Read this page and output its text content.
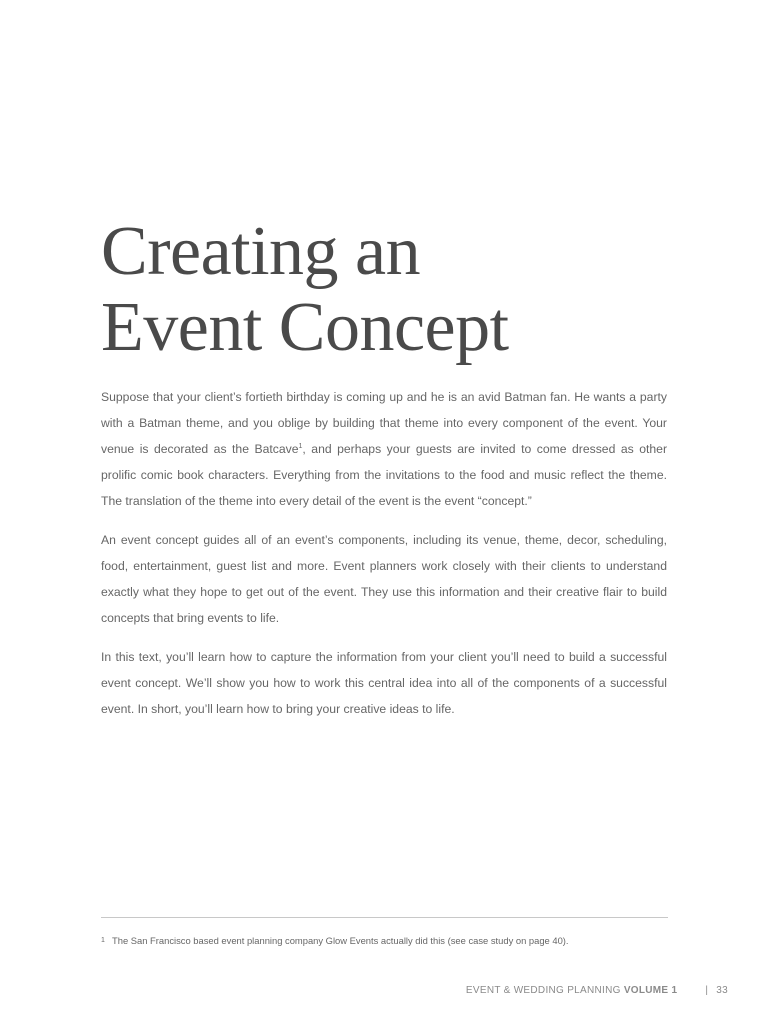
Creating an
Event Concept

Suppose that your client’s fortieth birthday is coming up and he is an avid Batman fan. He wants a party with a Batman theme, and you oblige by building that theme into every component of the event. Your venue is decorated as the Batcave$^1$, and perhaps your guests are invited to come dressed as other prolific comic book characters. Everything from the invitations to the food and music reflect the theme. The translation of the theme into every detail of the event is the event “concept.”

An event concept guides all of an event’s components, including its venue, theme, decor, scheduling, food, entertainment, guest list and more. Event planners work closely with their clients to understand exactly what they hope to get out of the event. They use this information and their creative flair to build concepts that bring events to life.

In this text, you’ll learn how to capture the information from your client you’ll need to build a successful event concept. We’ll show you how to work this central idea into all of the components of a successful event. In short, you’ll learn how to bring your creative ideas to life.

1 The San Francisco based event planning company Glow Events actually did this (see case study on page 40).
EVENT & WEDDING PLANNING VOLUME 1	| 33
